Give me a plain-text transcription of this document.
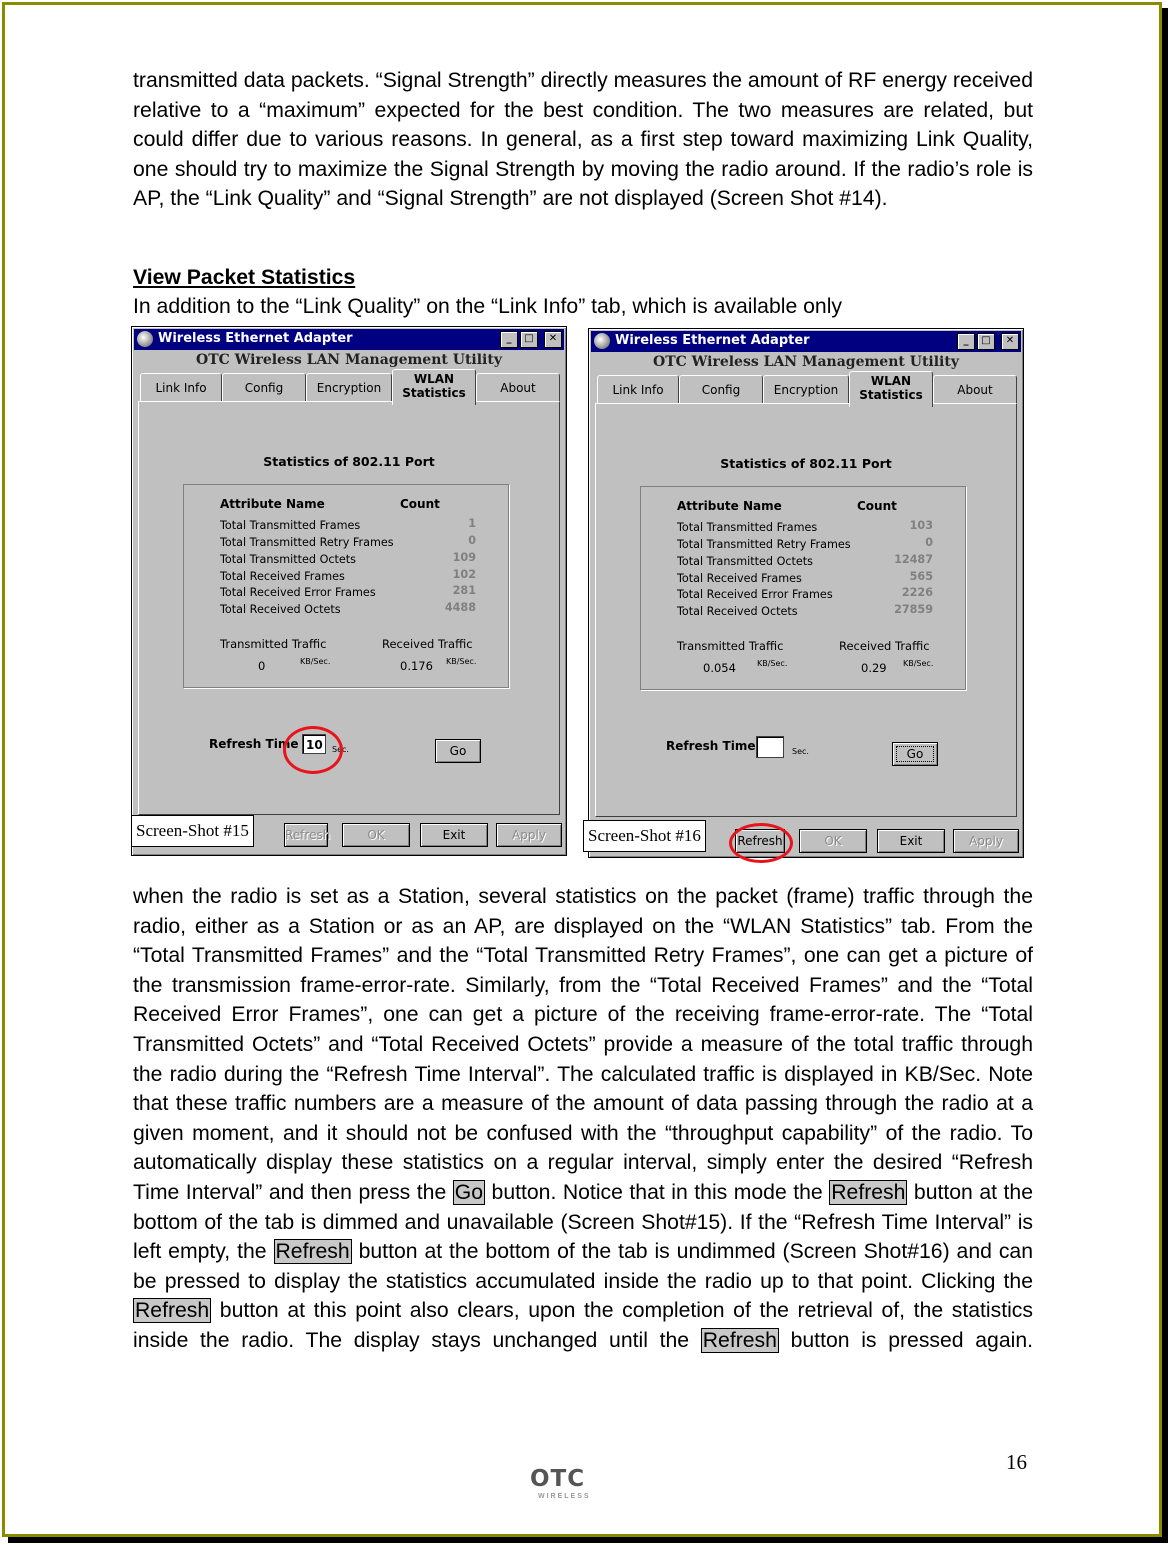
transmitted data packets. “Signal Strength” directly measures the amount of RF energy received relative to a “maximum” expected for the best condition. The two measures are related, but could differ due to various reasons. In general, as a first step toward maximizing Link Quality, one should try to maximize the Signal Strength by moving the radio around. If the radio’s role is AP, the “Link Quality” and “Signal Strength” are not displayed (Screen Shot #14).

View Packet Statistics

In addition to the “Link Quality” on the “Link Info” tab, which is available only

Wireless Ethernet Adapter	_	□	✕
OTC Wireless LAN Management Utility
Link Info	Config	Encryption
WLAN
Statistics	About
Statistics of 802.11 Port
Attribute Name	Count
Total Transmitted Frames	1
Total Transmitted Retry Frames	0
Total Transmitted Octets	109
Total Received Frames	102
Total Received Error Frames	281
Total Received Octets	4488
Transmitted Traffic	Received Traffic
0	KB/Sec.	0.176 KB/Sec.
Refresh Time 10	Sec.	Go
Refresh	OK	Exit	Apply
Screen-Shot #15
Wireless Ethernet Adapter	_	□	✕
OTC Wireless LAN Management Utility
Link Info	Config	Encryption
WLAN
Statistics	About
Statistics of 802.11 Port
Attribute Name	Count
Total Transmitted Frames	103
Total Transmitted Retry Frames	0
Total Transmitted Octets	12487
Total Received Frames	565
Total Received Error Frames	2226
Total Received Octets	27859
Transmitted Traffic	Received Traffic
0.054	KB/Sec.	0.29 KB/Sec.
Refresh Time	Sec.	Go
Refresh	OK	Exit	Apply
Screen-Shot #16

when the radio is set as a Station, several statistics on the packet (frame) traffic through the radio, either as a Station or as an AP, are displayed on the “WLAN Statistics” tab. From the “Total Transmitted Frames” and the “Total Transmitted Retry Frames”, one can get a picture of the transmission frame-error-rate. Similarly, from the “Total Received Frames” and the “Total Received Error Frames”, one can get a picture of the receiving frame-error-rate. The “Total Transmitted Octets” and “Total Received Octets” provide a measure of the total traffic through the radio during the “Refresh Time Interval”. The calculated traffic is displayed in KB/Sec. Note that these traffic numbers are a measure of the amount of data passing through the radio at a given moment, and it should not be confused with the “throughput capability” of the radio. To automatically display these statistics on a regular interval, simply enter the desired “Refresh Time Interval” and then press the Go button. Notice that in this mode the Refresh button at the bottom of the tab is dimmed and unavailable (Screen Shot#15). If the “Refresh Time Interval” is left empty, the Refresh button at the bottom of the tab is undimmed (Screen Shot#16) and can be pressed to display the statistics accumulated inside the radio up to that point. Clicking the Refresh button at this point also clears, upon the completion of the retrieval of, the statistics inside the radio. The display stays unchanged until the Refresh button is pressed again.

16
OTC
WIRELESS
